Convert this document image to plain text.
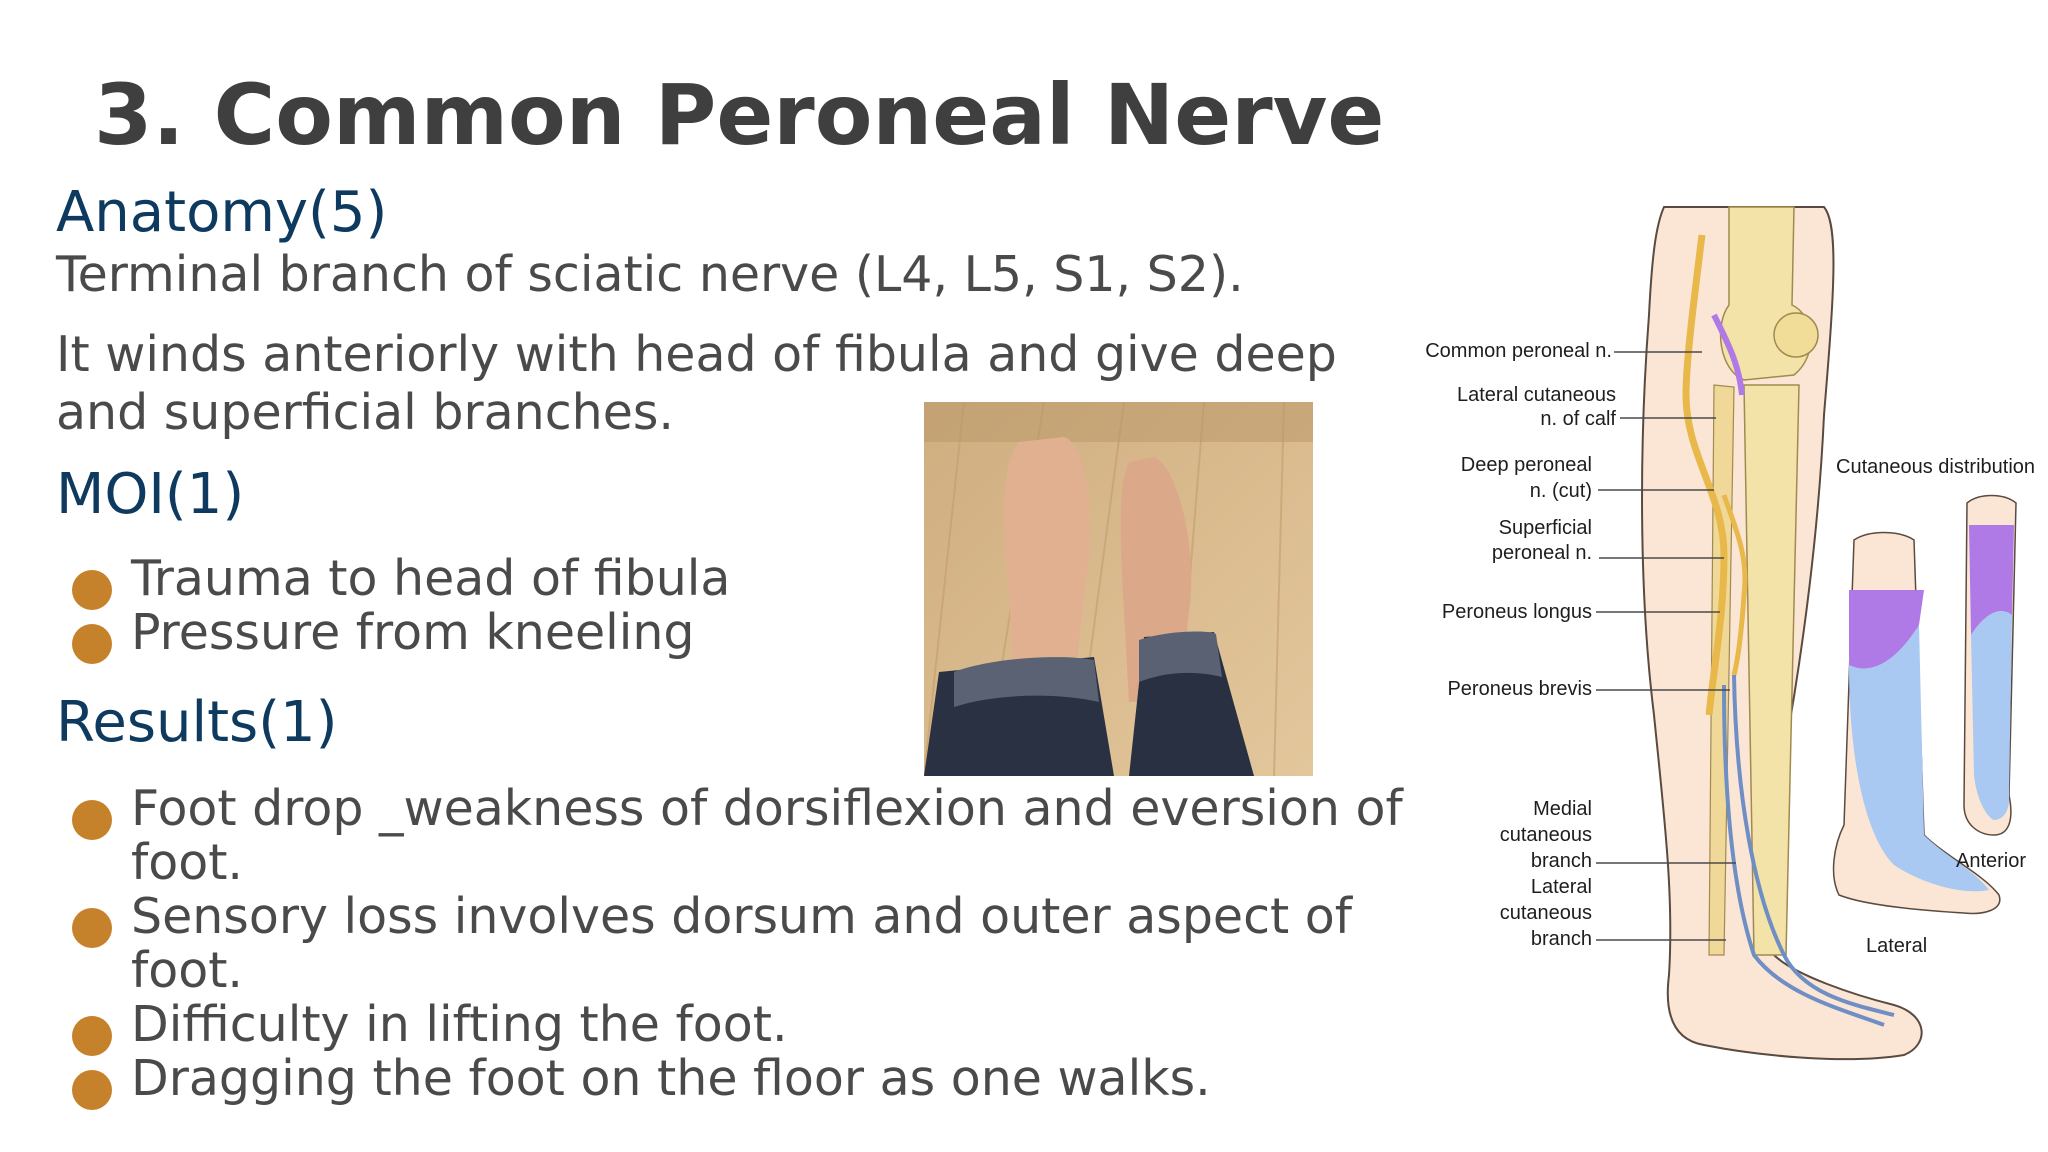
3. Common Peroneal Nerve
Anatomy(5)
Terminal branch of sciatic nerve (L4, L5, S1, S2).
It winds anteriorly with head of fibula and give deep and superficial branches.
MOI(1)
Trauma to head of fibula
Pressure from kneeling
Results(1)
Foot drop _weakness of dorsiflexion and eversion of foot.
Sensory loss involves dorsum and outer aspect of foot.
Difficulty in lifting the foot.
Dragging the foot on the floor as one walks.
Common peroneal n.
Lateral cutaneous
n. of calf
Deep peroneal
n. (cut)
Superficial
peroneal n.
Peroneus longus
Peroneus brevis
Medial
cutaneous
branch
Lateral
cutaneous
branch
Cutaneous distribution
Lateral
Anterior
